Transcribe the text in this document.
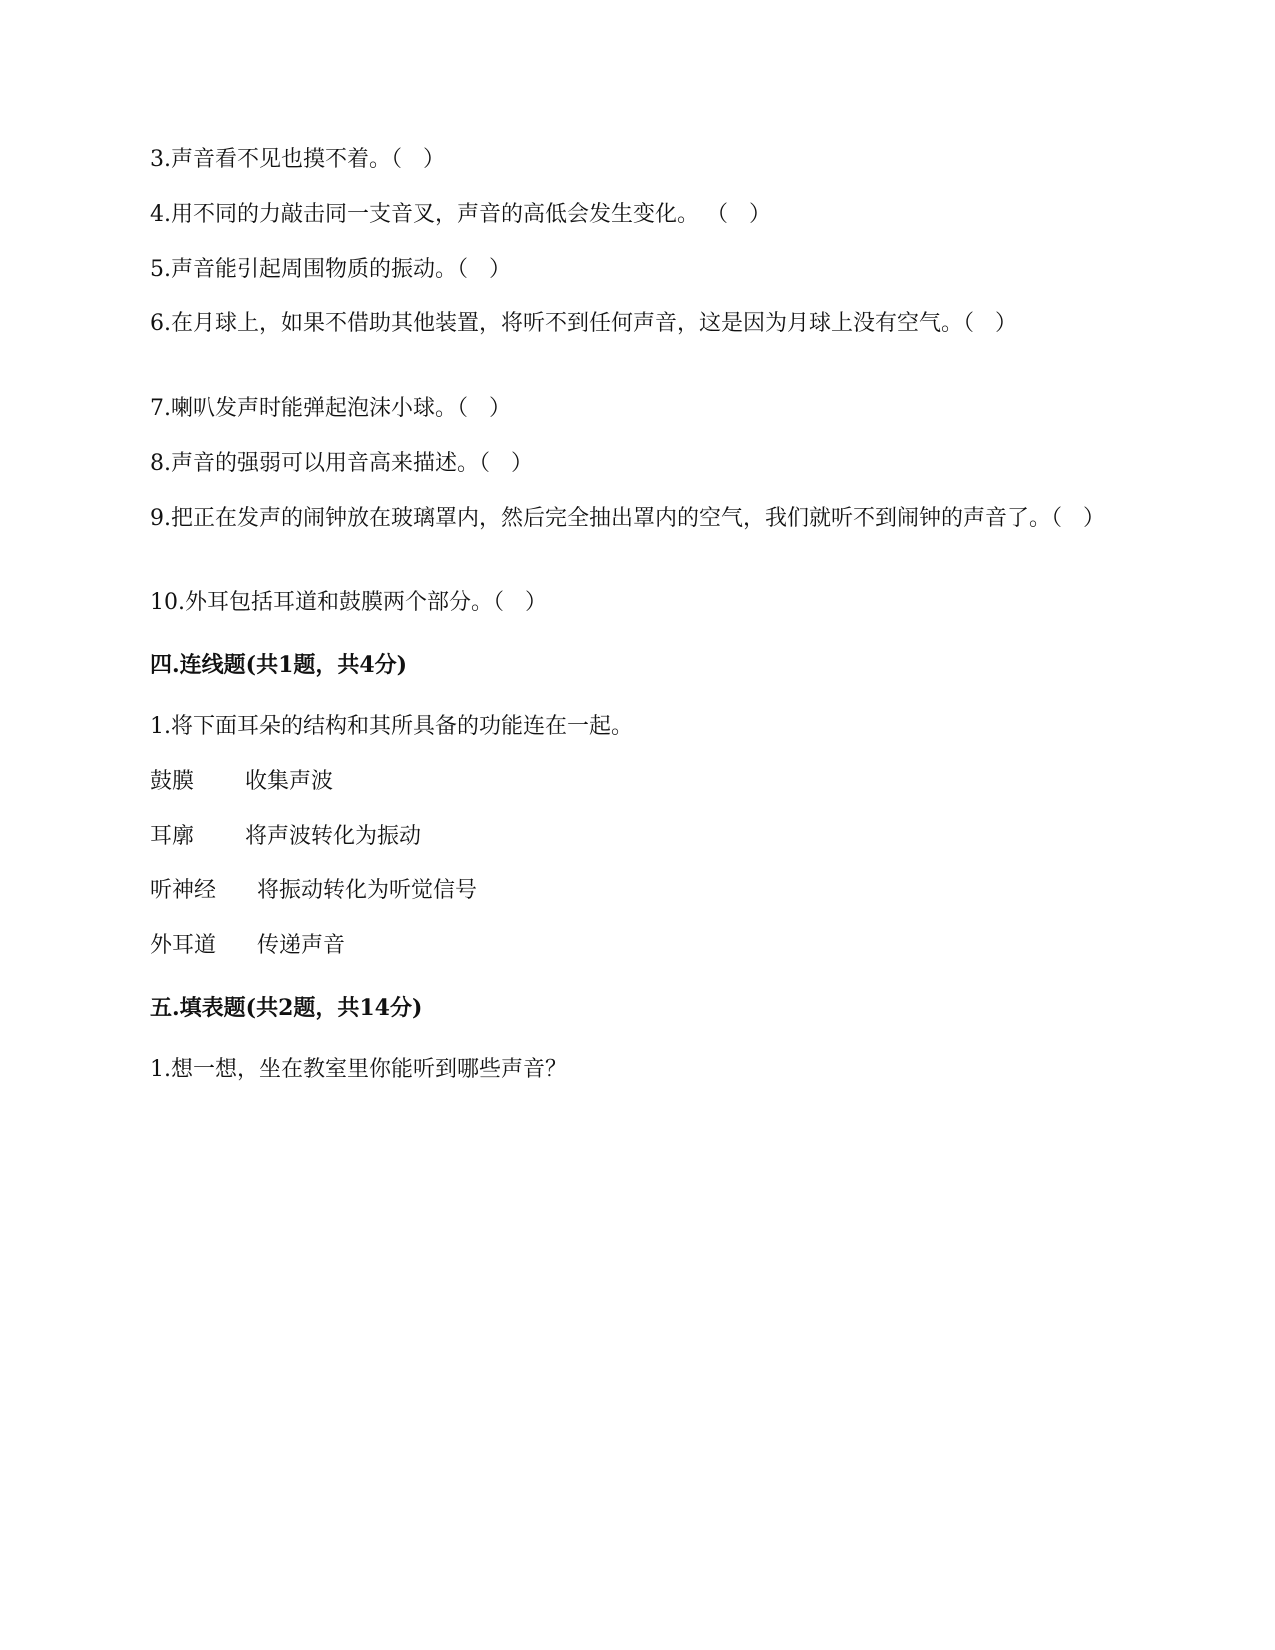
3.声音看不见也摸不着。（   ）
4.用不同的力敲击同一支音叉，声音的高低会发生变化。 （   ）
5.声音能引起周围物质的振动。（   ）
6.在月球上，如果不借助其他装置，将听不到任何声音，这是因为月球上没有空气。（   ）
7.喇叭发声时能弹起泡沫小球。（   ）
8.声音的强弱可以用音高来描述。（   ）
9.把正在发声的闹钟放在玻璃罩内，然后完全抽出罩内的空气，我们就听不到闹钟的声音了。（   ）
10.外耳包括耳道和鼓膜两个部分。（   ）
四.连线题(共1题，共4分)
1.将下面耳朵的结构和其所具备的功能连在一起。
鼓膜 收集声波
耳廓 将声波转化为振动
听神经 将振动转化为听觉信号
外耳道 传递声音
五.填表题(共2题，共14分)
1.想一想，坐在教室里你能听到哪些声音？
